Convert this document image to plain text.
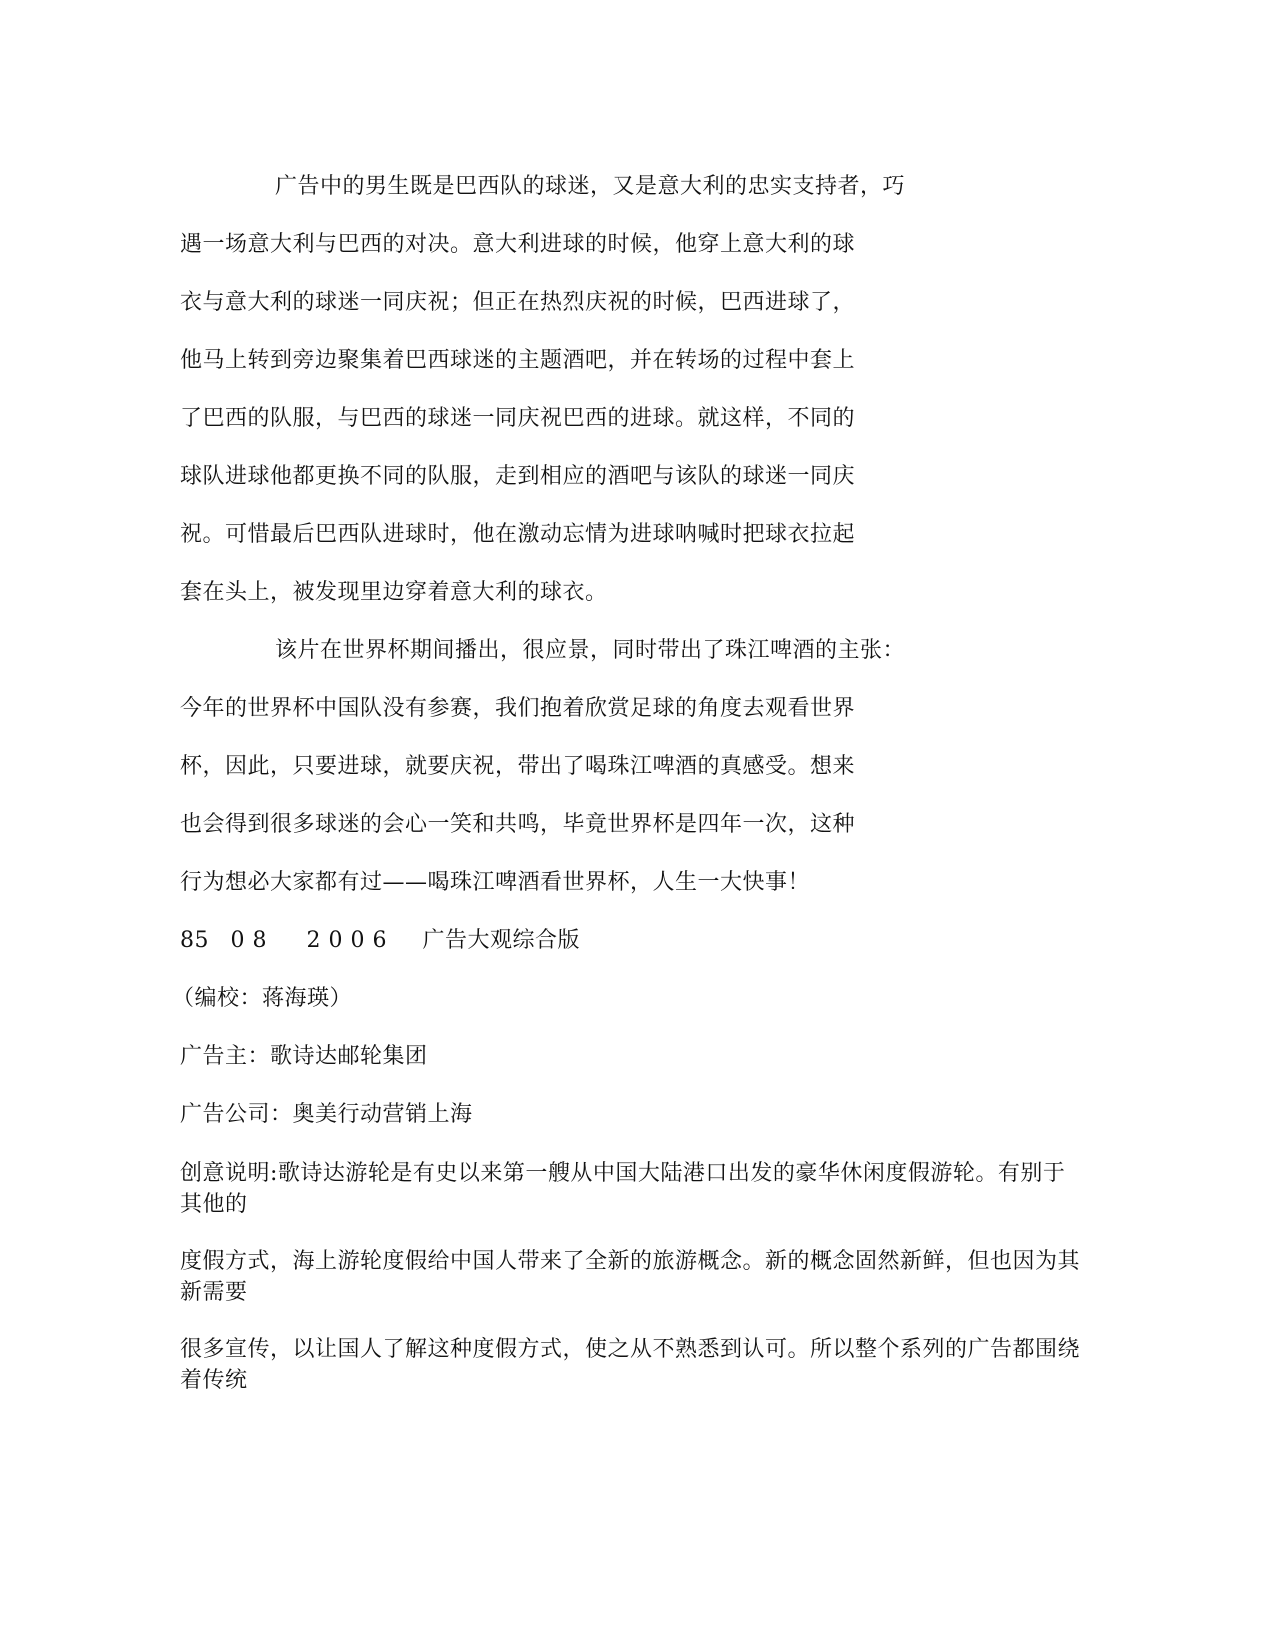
广告中的男生既是巴西队的球迷，又是意大利的忠实支持者，巧
遇一场意大利与巴西的对决。意大利进球的时候，他穿上意大利的球
衣与意大利的球迷一同庆祝；但正在热烈庆祝的时候，巴西进球了，
他马上转到旁边聚集着巴西球迷的主题酒吧，并在转场的过程中套上
了巴西的队服，与巴西的球迷一同庆祝巴西的进球。就这样，不同的
球队进球他都更换不同的队服，走到相应的酒吧与该队的球迷一同庆
祝。可惜最后巴西队进球时，他在激动忘情为进球呐喊时把球衣拉起
套在头上，被发现里边穿着意大利的球衣。
该片在世界杯期间播出，很应景，同时带出了珠江啤酒的主张：
今年的世界杯中国队没有参赛，我们抱着欣赏足球的角度去观看世界
杯，因此，只要进球，就要庆祝，带出了喝珠江啤酒的真感受。想来
也会得到很多球迷的会心一笑和共鸣，毕竟世界杯是四年一次，这种
行为想必大家都有过——喝珠江啤酒看世界杯，人生一大快事！
85 0 8 2 0 0 6 广告大观综合版
（编校：蒋海瑛）
广告主：歌诗达邮轮集团
广告公司：奥美行动营销上海
创意说明:歌诗达游轮是有史以来第一艘从中国大陆港口出发的豪华休闲度假游轮。有别于其他的
度假方式，海上游轮度假给中国人带来了全新的旅游概念。新的概念固然新鲜，但也因为其新需要
很多宣传，以让国人了解这种度假方式，使之从不熟悉到认可。所以整个系列的广告都围绕着传统
